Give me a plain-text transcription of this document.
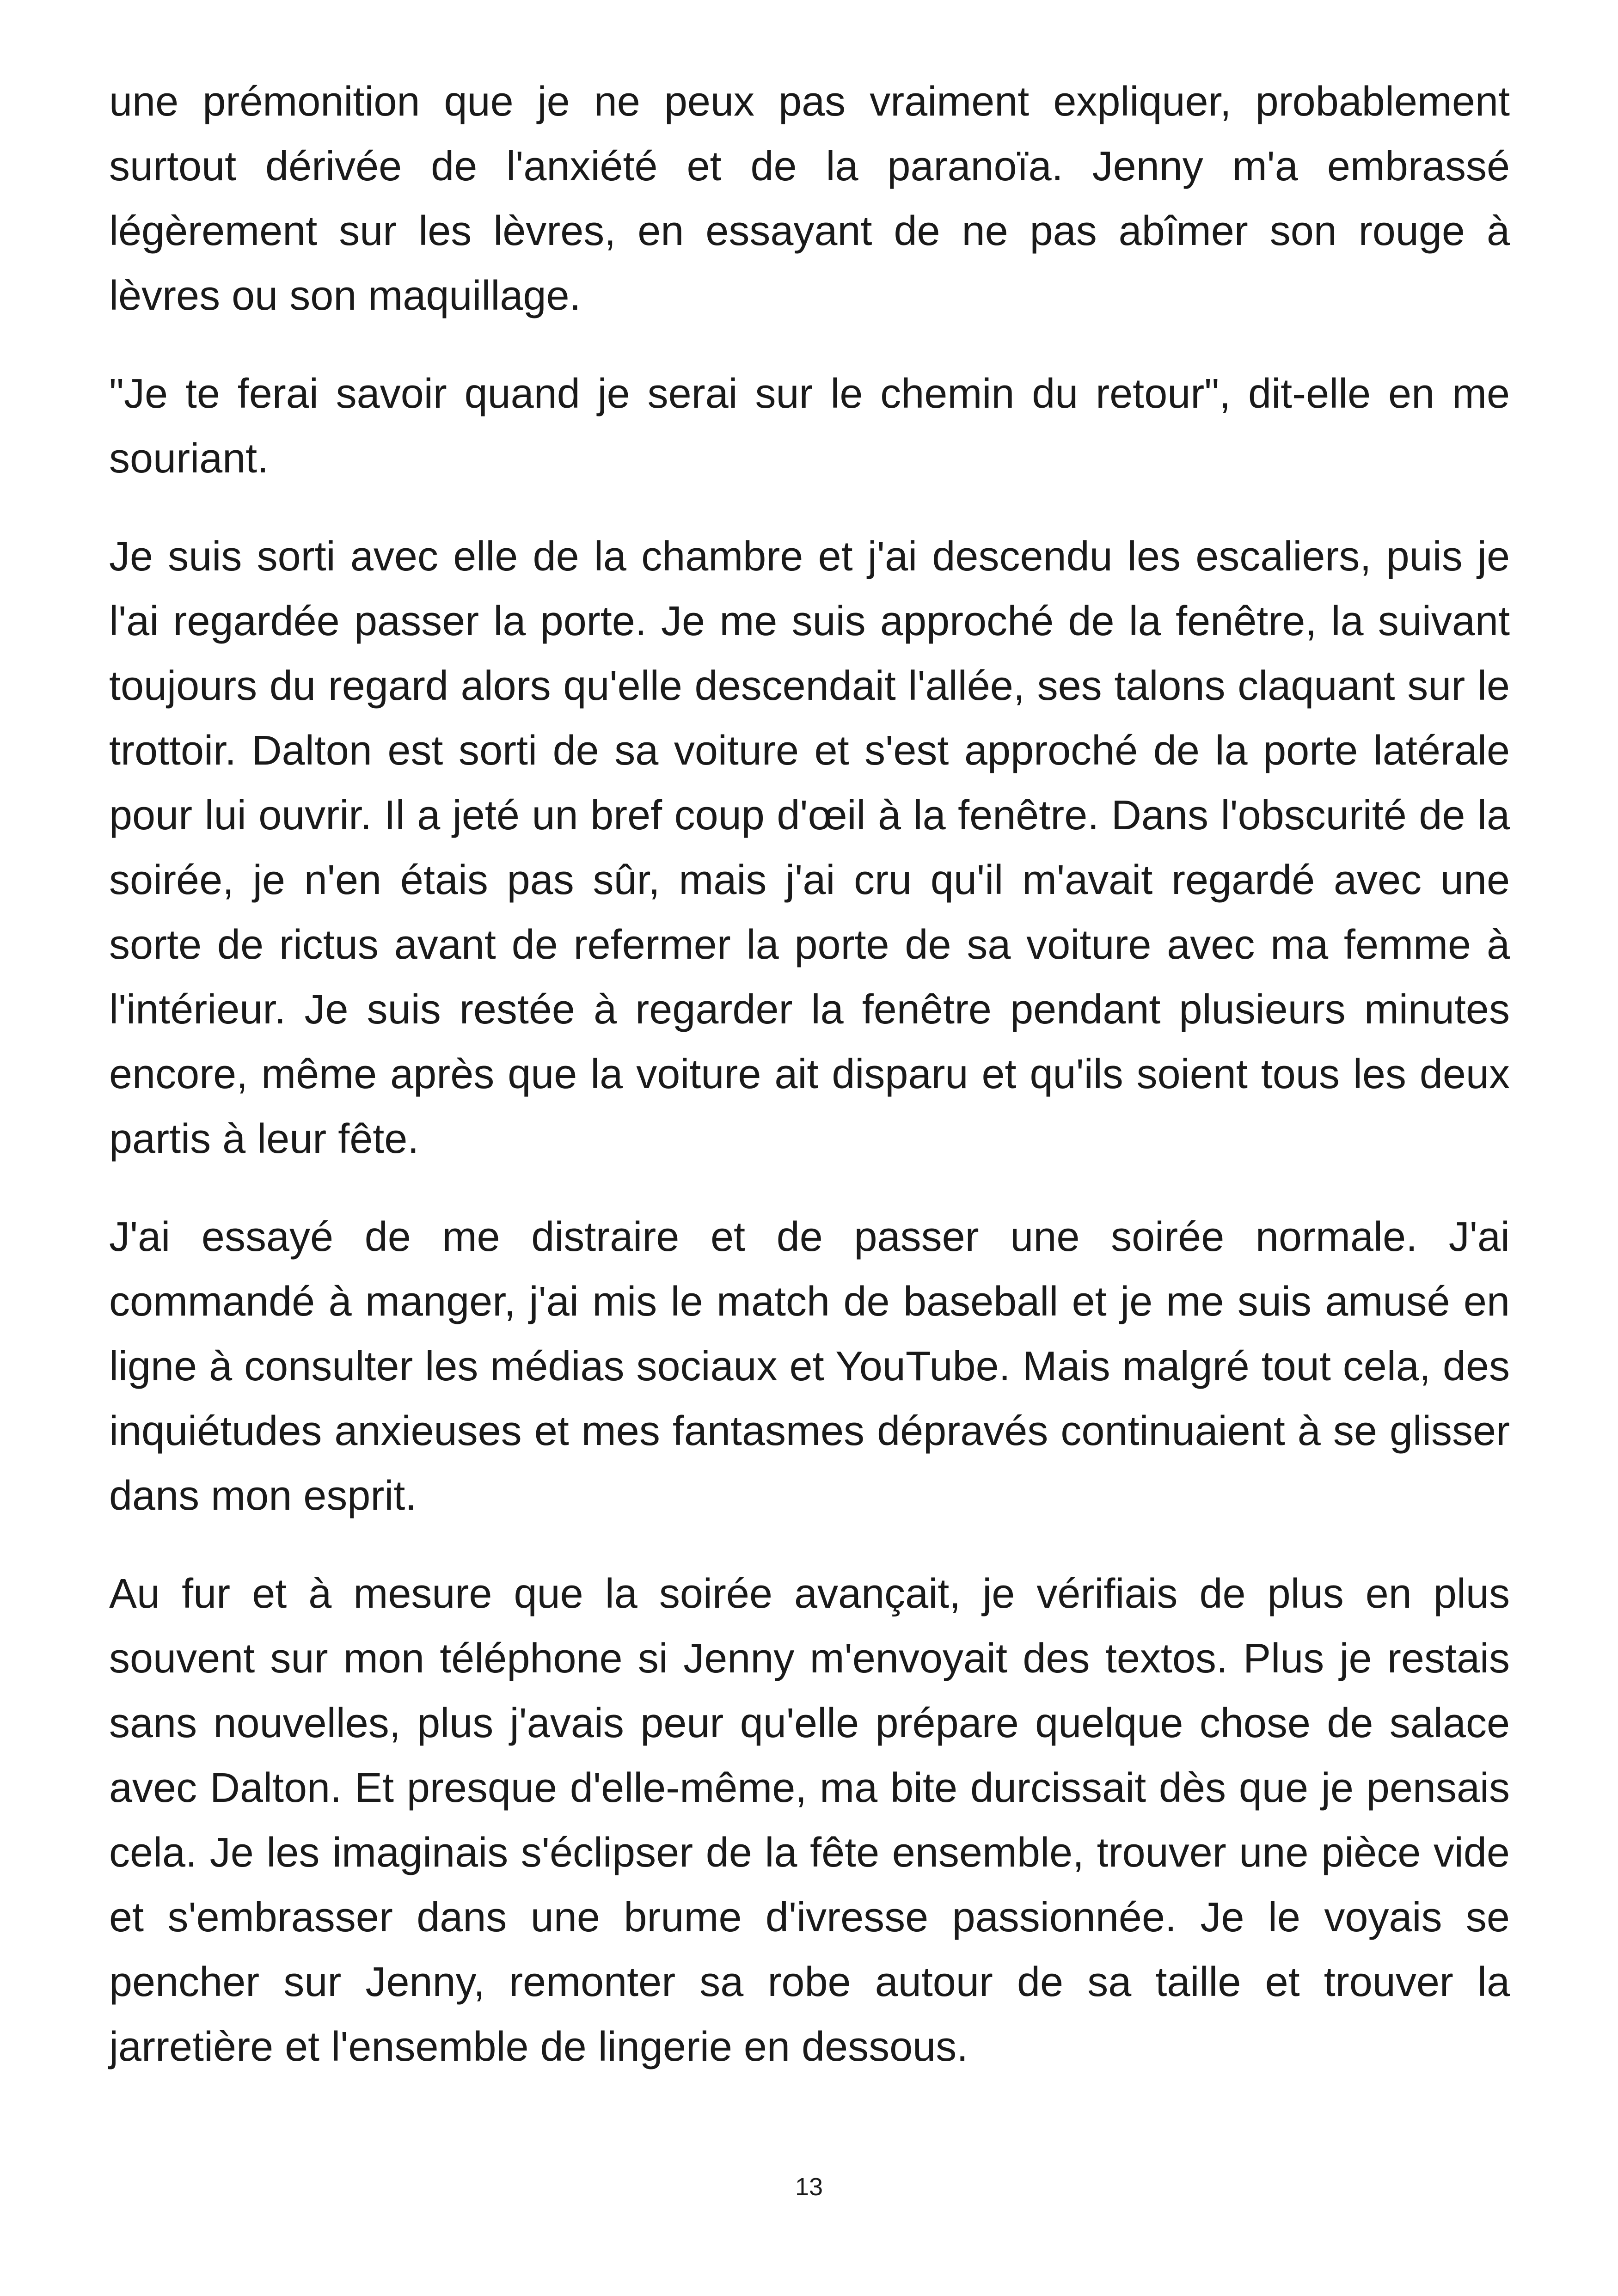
une prémonition que je ne peux pas vraiment expliquer, probablement surtout dérivée de l'anxiété et de la paranoïa. Jenny m'a embrassé légèrement sur les lèvres, en essayant de ne pas abîmer son rouge à lèvres ou son maquillage.

"Je te ferai savoir quand je serai sur le chemin du retour", dit-elle en me souriant.

Je suis sorti avec elle de la chambre et j'ai descendu les escaliers, puis je l'ai regardée passer la porte. Je me suis approché de la fenêtre, la suivant toujours du regard alors qu'elle descendait l'allée, ses talons claquant sur le trottoir. Dalton est sorti de sa voiture et s'est approché de la porte latérale pour lui ouvrir. Il a jeté un bref coup d'œil à la fenêtre. Dans l'obscurité de la soirée, je n'en étais pas sûr, mais j'ai cru qu'il m'avait regardé avec une sorte de rictus avant de refermer la porte de sa voiture avec ma femme à l'intérieur. Je suis restée à regarder la fenêtre pendant plusieurs minutes encore, même après que la voiture ait disparu et qu'ils soient tous les deux partis à leur fête.

J'ai essayé de me distraire et de passer une soirée normale. J'ai commandé à manger, j'ai mis le match de baseball et je me suis amusé en ligne à consulter les médias sociaux et YouTube. Mais malgré tout cela, des inquiétudes anxieuses et mes fantasmes dépravés continuaient à se glisser dans mon esprit.

Au fur et à mesure que la soirée avançait, je vérifiais de plus en plus souvent sur mon téléphone si Jenny m'envoyait des textos. Plus je restais sans nouvelles, plus j'avais peur qu'elle prépare quelque chose de salace avec Dalton. Et presque d'elle-même, ma bite durcissait dès que je pensais cela. Je les imaginais s'éclipser de la fête ensemble, trouver une pièce vide et s'embrasser dans une brume d'ivresse passionnée. Je le voyais se pencher sur Jenny, remonter sa robe autour de sa taille et trouver la jarretière et l'ensemble de lingerie en dessous.

13
